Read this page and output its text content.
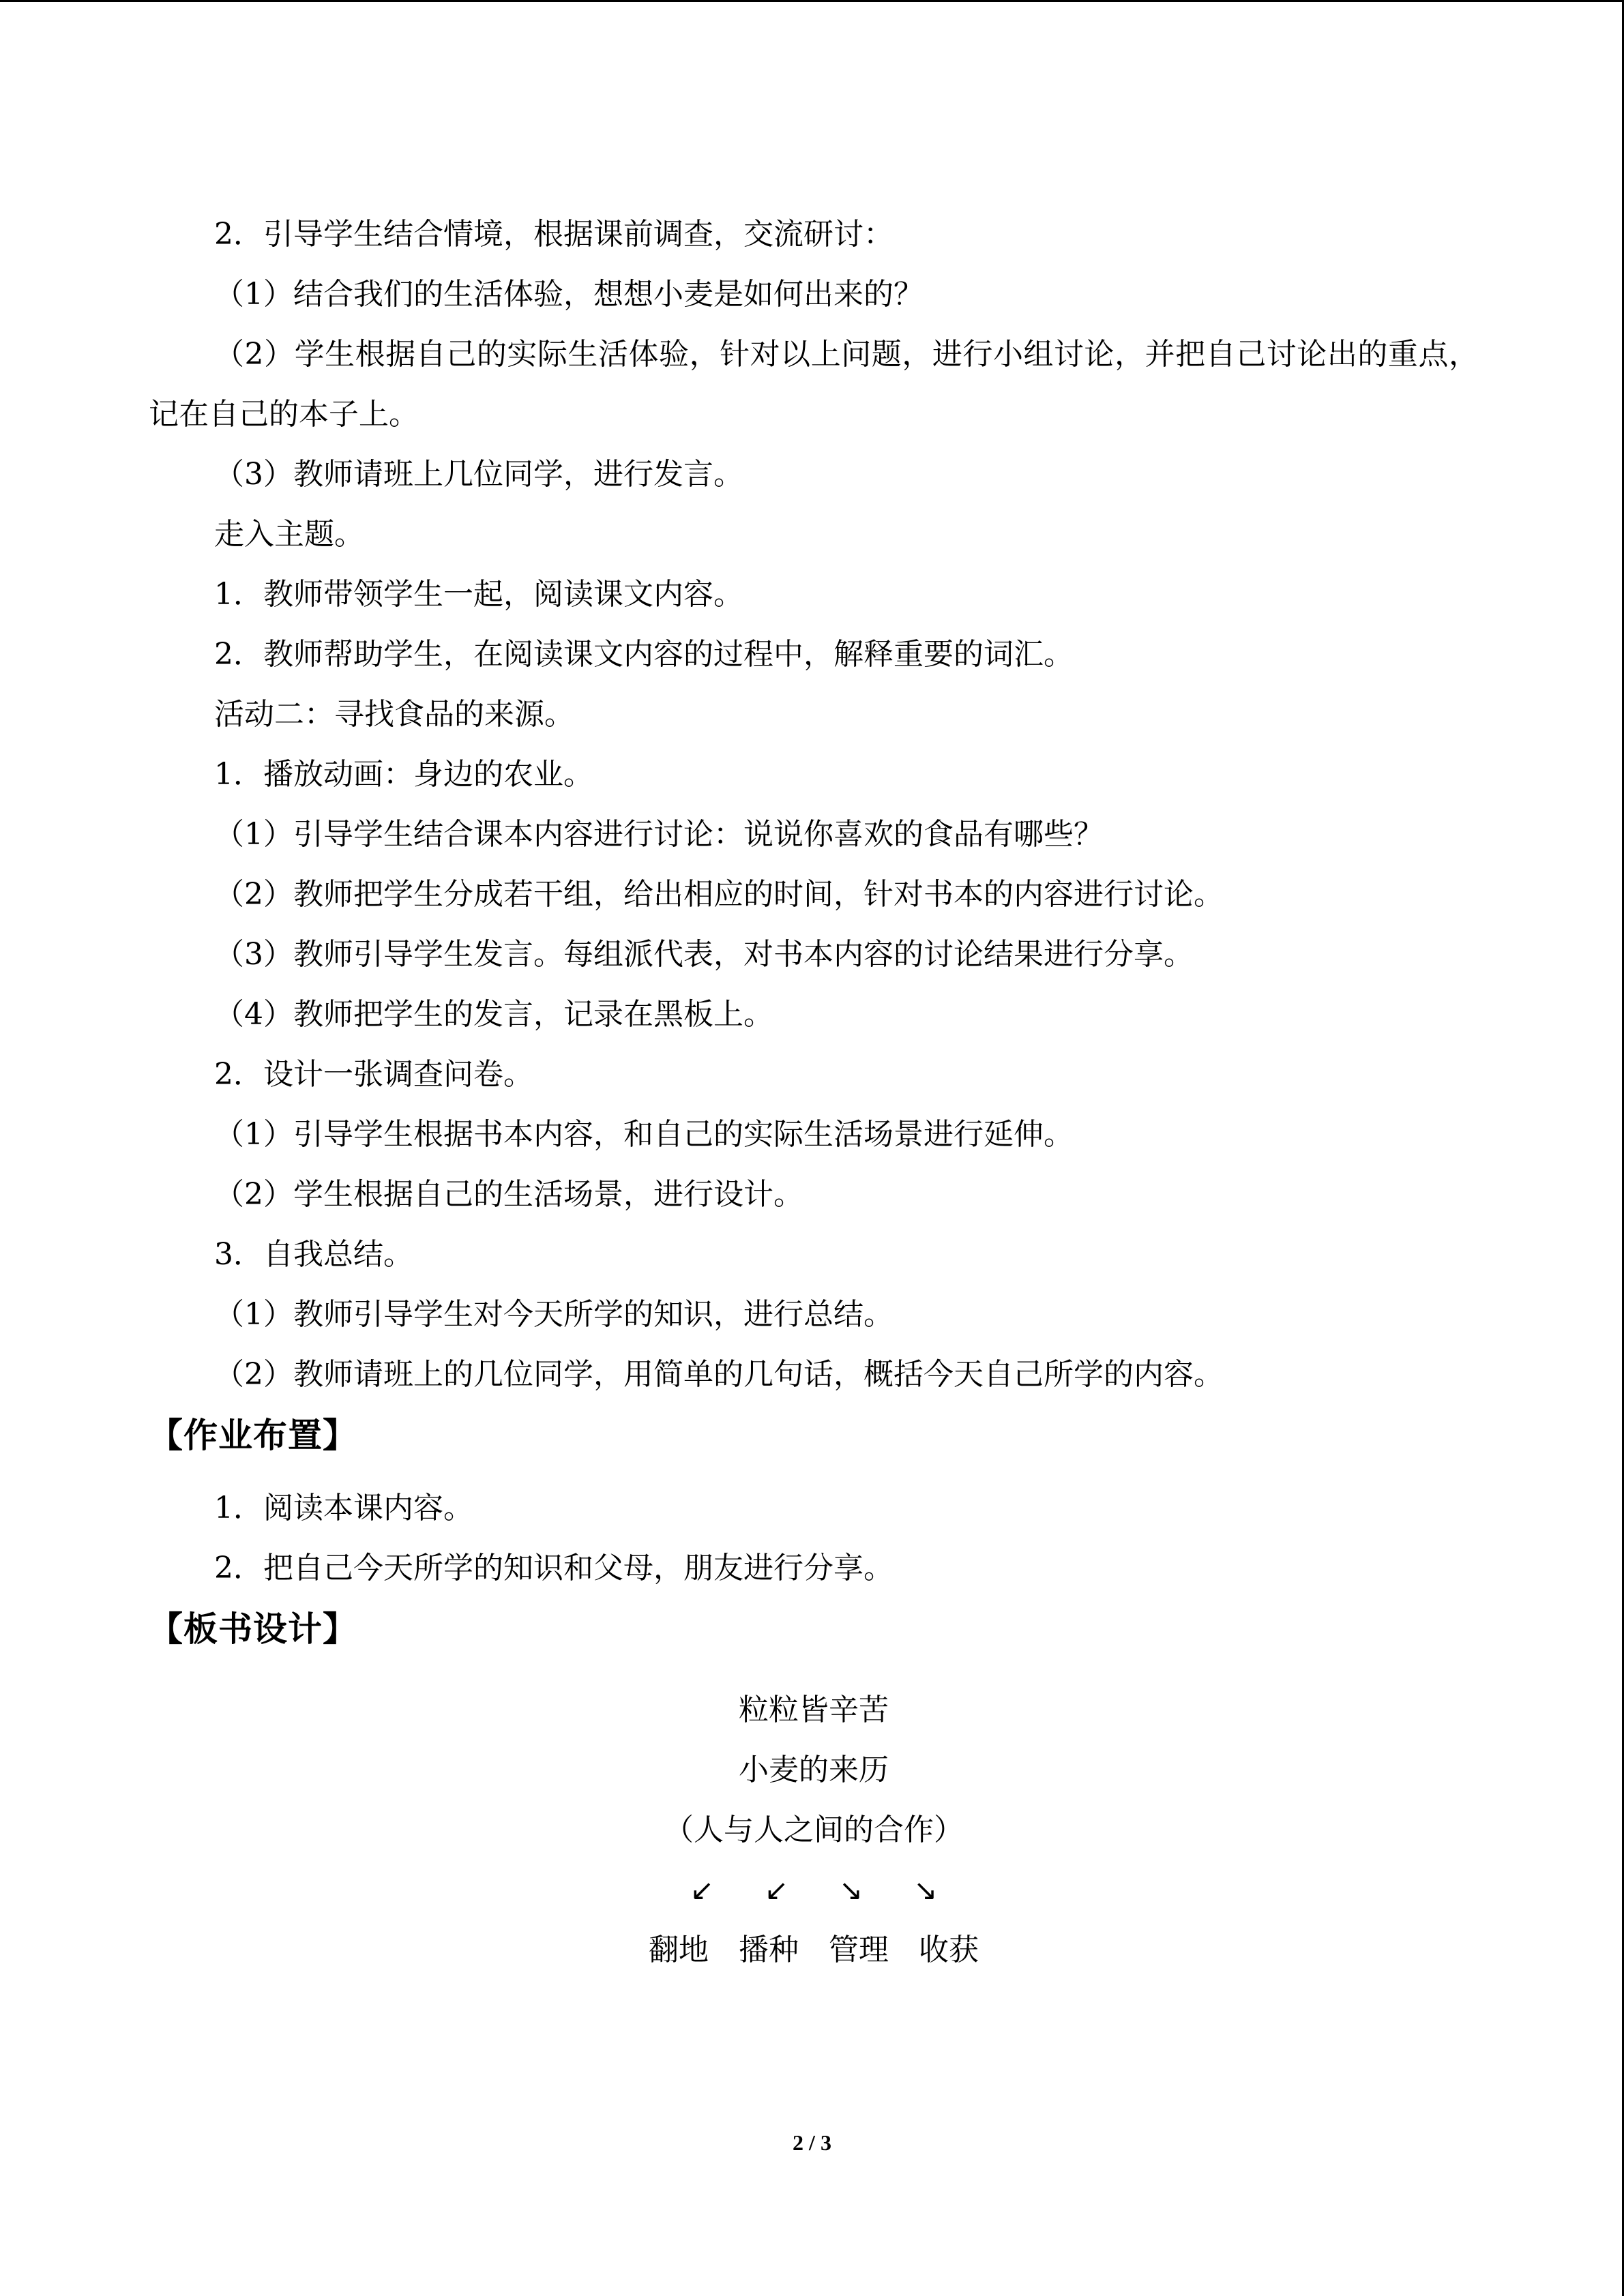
2．引导学生结合情境，根据课前调查，交流研讨：
（1）结合我们的生活体验，想想小麦是如何出来的？
（2）学生根据自己的实际生活体验，针对以上问题，进行小组讨论，并把自己讨论出的重点，记在自己的本子上。
（3）教师请班上几位同学，进行发言。
走入主题。
1．教师带领学生一起，阅读课文内容。
2．教师帮助学生，在阅读课文内容的过程中，解释重要的词汇。
活动二：寻找食品的来源。
1．播放动画：身边的农业。
（1）引导学生结合课本内容进行讨论：说说你喜欢的食品有哪些？
（2）教师把学生分成若干组，给出相应的时间，针对书本的内容进行讨论。
（3）教师引导学生发言。每组派代表，对书本内容的讨论结果进行分享。
（4）教师把学生的发言，记录在黑板上。
2．设计一张调查问卷。
（1）引导学生根据书本内容，和自己的实际生活场景进行延伸。
（2）学生根据自己的生活场景，进行设计。
3．自我总结。
（1）教师引导学生对今天所学的知识，进行总结。
（2）教师请班上的几位同学，用简单的几句话，概括今天自己所学的内容。
【作业布置】
1．阅读本课内容。
2．把自己今天所学的知识和父母，朋友进行分享。
【板书设计】
粒粒皆辛苦
小麦的来历
（人与人之间的合作）
↙ ↙ ↘ ↘
翻地 播种 管理 收获
2 / 3
